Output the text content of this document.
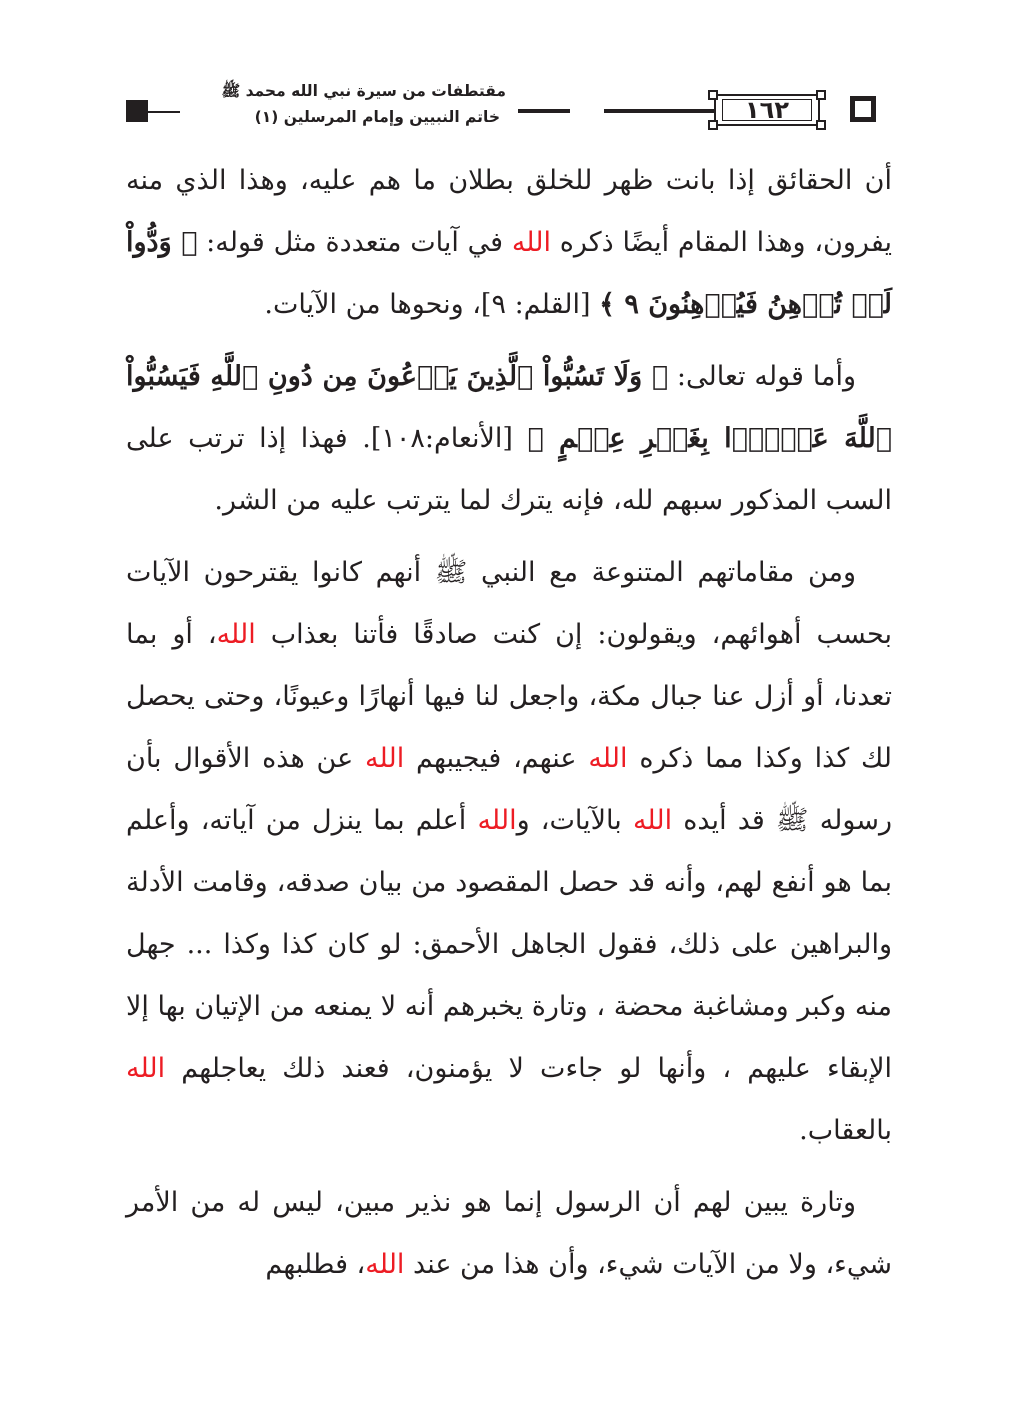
مقتطفات من سيرة نبي الله محمد ﷺ
خاتم النبيين وإمام المرسلين (١)	١٦٢

أن الحقائق إذا بانت ظهر للخلق بطلان ما هم عليه، وهذا الذي منه يفرون، وهذا المقام أيضًا ذكره الله في آيات متعددة مثل قوله: ﴿ وَدُّواْ لَوۡ تُدۡهِنُ فَيُدۡهِنُونَ ٩ ﴾ [القلم: ٩]، ونحوها من الآيات.

وأما قوله تعالى: ﴿ وَلَا تَسُبُّواْ ٱلَّذِينَ يَدۡعُونَ مِن دُونِ ٱللَّهِ فَيَسُبُّواْ ٱللَّهَ عَدۡوَۢا بِغَيۡرِ عِلۡمٍ ﴾ [الأنعام:١٠٨]. فهذا إذا ترتب على السب المذكور سبهم لله، فإنه يترك لما يترتب عليه من الشر.

ومن مقاماتهم المتنوعة مع النبي ﷺ أنهم كانوا يقترحون الآيات بحسب أهوائهم، ويقولون: إن كنت صادقًا فأتنا بعذاب الله، أو بما تعدنا، أو أزل عنا جبال مكة، واجعل لنا فيها أنهارًا وعيونًا، وحتى يحصل لك كذا وكذا مما ذكره الله عنهم، فيجيبهم الله عن هذه الأقوال بأن رسوله ﷺ قد أيده الله بالآيات، والله أعلم بما ينزل من آياته، وأعلم بما هو أنفع لهم، وأنه قد حصل المقصود من بيان صدقه، وقامت الأدلة والبراهين على ذلك، فقول الجاهل الأحمق: لو كان كذا وكذا ... جهل منه وكبر ومشاغبة محضة ، وتارة يخبرهم أنه لا يمنعه من الإتيان بها إلا الإبقاء عليهم ، وأنها لو جاءت لا يؤمنون، فعند ذلك يعاجلهم الله بالعقاب.

وتارة يبين لهم أن الرسول إنما هو نذير مبين، ليس له من الأمر شيء، ولا من الآيات شيء، وأن هذا من عند الله، فطلبهم
